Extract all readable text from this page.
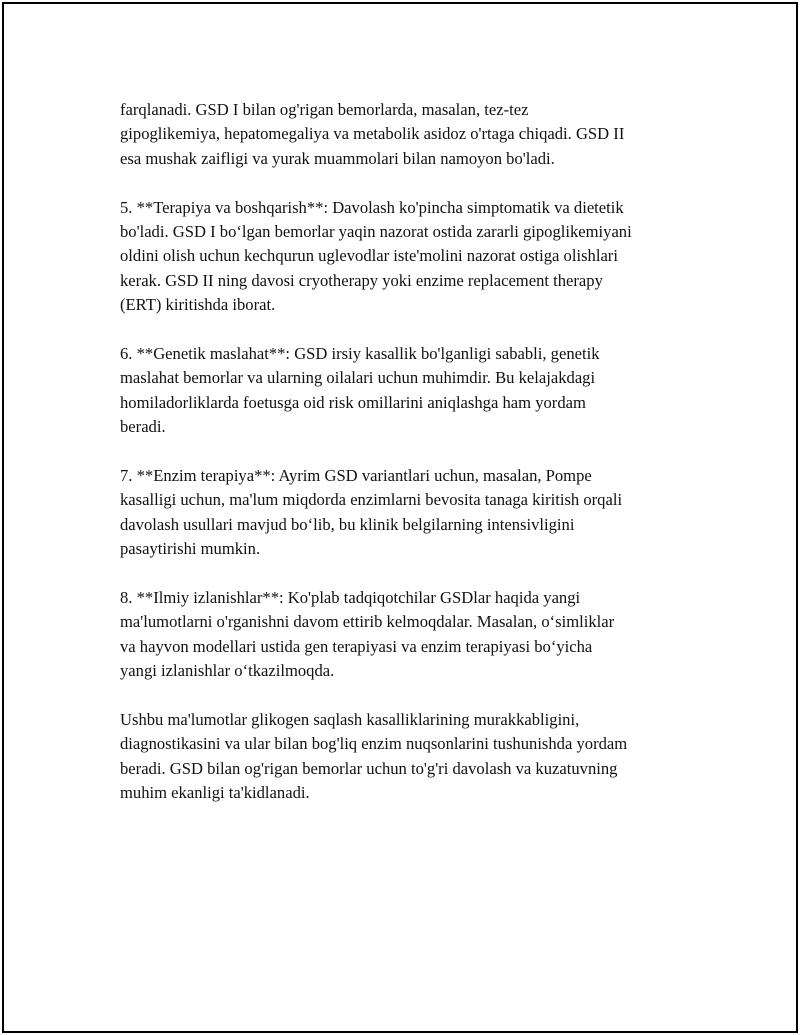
farqlanadi. GSD I bilan og'rigan bemorlarda, masalan, tez-tez
gipoglikemiya, hepatomegaliya va metabolik asidoz o'rtaga chiqadi. GSD II
esa mushak zaifligi va yurak muammolari bilan namoyon bo'ladi.

5. **Terapiya va boshqarish**: Davolash ko'pincha simptomatik va dietetik
bo'ladi. GSD I bo‘lgan bemorlar yaqin nazorat ostida zararli gipoglikemiyani
oldini olish uchun kechqurun uglevodlar iste'molini nazorat ostiga olishlari
kerak. GSD II ning davosi cryotherapy yoki enzime replacement therapy
(ERT) kiritishda iborat.

6. **Genetik maslahat**: GSD irsiy kasallik bo'lganligi sababli, genetik
maslahat bemorlar va ularning oilalari uchun muhimdir. Bu kelajakdagi
homiladorliklarda foetusga oid risk omillarini aniqlashga ham yordam
beradi.

7. **Enzim terapiya**: Ayrim GSD variantlari uchun, masalan, Pompe
kasalligi uchun, ma'lum miqdorda enzimlarni bevosita tanaga kiritish orqali
davolash usullari mavjud bo‘lib, bu klinik belgilarning intensivligini
pasaytirishi mumkin.

8. **Ilmiy izlanishlar**: Ko'plab tadqiqotchilar GSDlar haqida yangi
ma'lumotlarni o'rganishni davom ettirib kelmoqdalar. Masalan, o‘simliklar
va hayvon modellari ustida gen terapiyasi va enzim terapiyasi bo‘yicha
yangi izlanishlar o‘tkazilmoqda.

Ushbu ma'lumotlar glikogen saqlash kasalliklarining murakkabligini,
diagnostikasini va ular bilan bog'liq enzim nuqsonlarini tushunishda yordam
beradi. GSD bilan og'rigan bemorlar uchun to'g'ri davolash va kuzatuvning
muhim ekanligi ta'kidlanadi.
